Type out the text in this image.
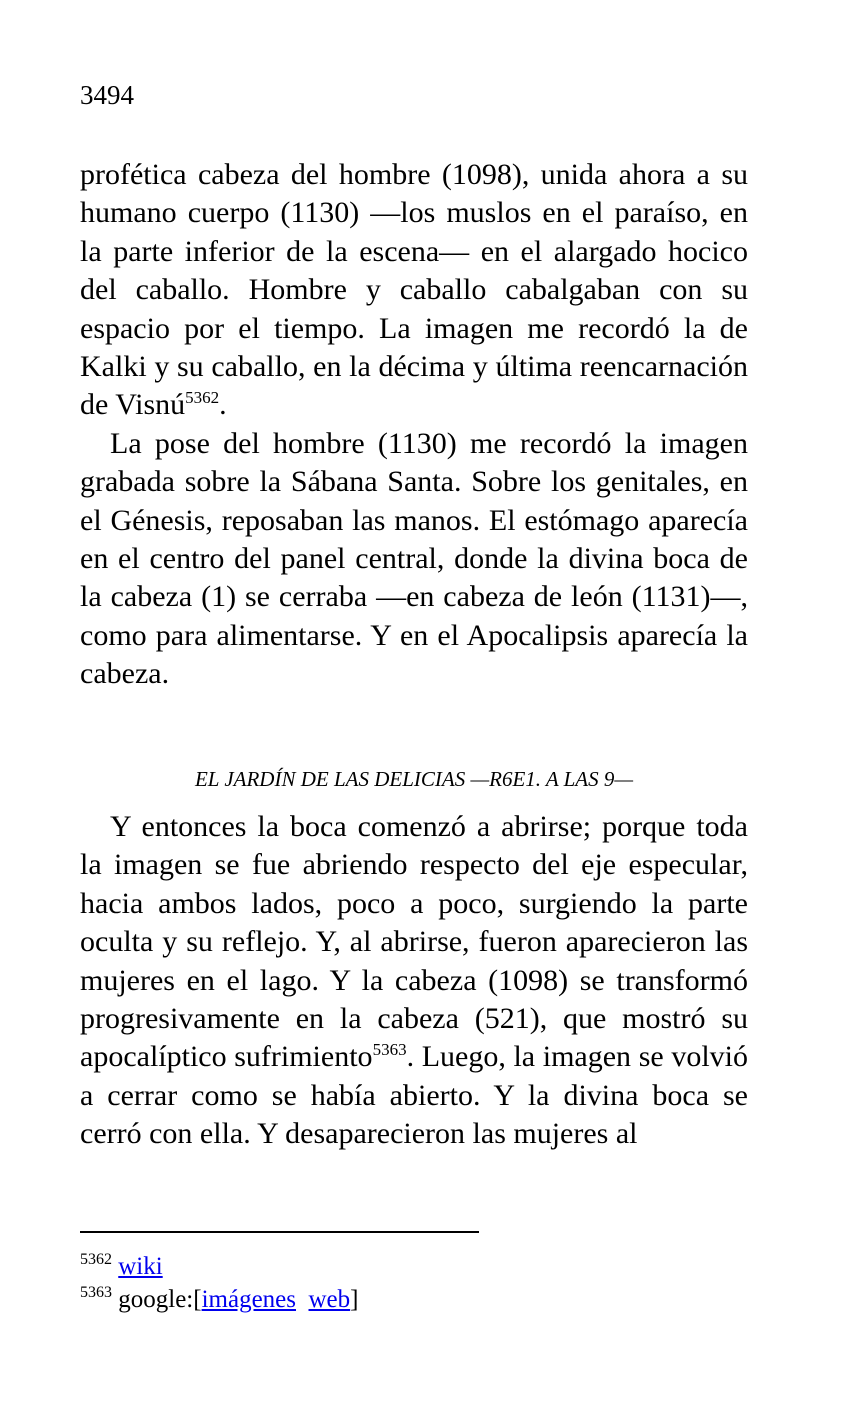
3494

profética cabeza del hombre (1098), unida ahora a su humano cuerpo (1130) —los muslos en el paraíso, en la parte inferior de la escena— en el alargado hocico del caballo. Hombre y caballo cabalgaban con su espacio por el tiempo. La imagen me recordó la de Kalki y su caballo, en la décima y última reencarnación de Visnú$^{5362}$.

La pose del hombre (1130) me recordó la imagen grabada sobre la Sábana Santa. Sobre los genitales, en el Génesis, reposaban las manos. El estómago aparecía en el centro del panel central, donde la divina boca de la cabeza (1) se cerraba —en cabeza de león (1131)—, como para alimentarse. Y en el Apocalipsis aparecía la cabeza.

EL JARDÍN DE LAS DELICIAS —R6E1. A LAS 9—

Y entonces la boca comenzó a abrirse; porque toda la imagen se fue abriendo respecto del eje especular, hacia ambos lados, poco a poco, surgiendo la parte oculta y su reflejo. Y, al abrirse, fueron aparecieron las mujeres en el lago. Y la cabeza (1098) se transformó progresivamente en la cabeza (521), que mostró su apocalíptico sufrimiento$^{5363}$. Luego, la imagen se volvió a cerrar como se había abierto. Y la divina boca se cerró con ella. Y desaparecieron las mujeres al

$^{5362}$ wiki
$^{5363}$ google:[imágenes web]
